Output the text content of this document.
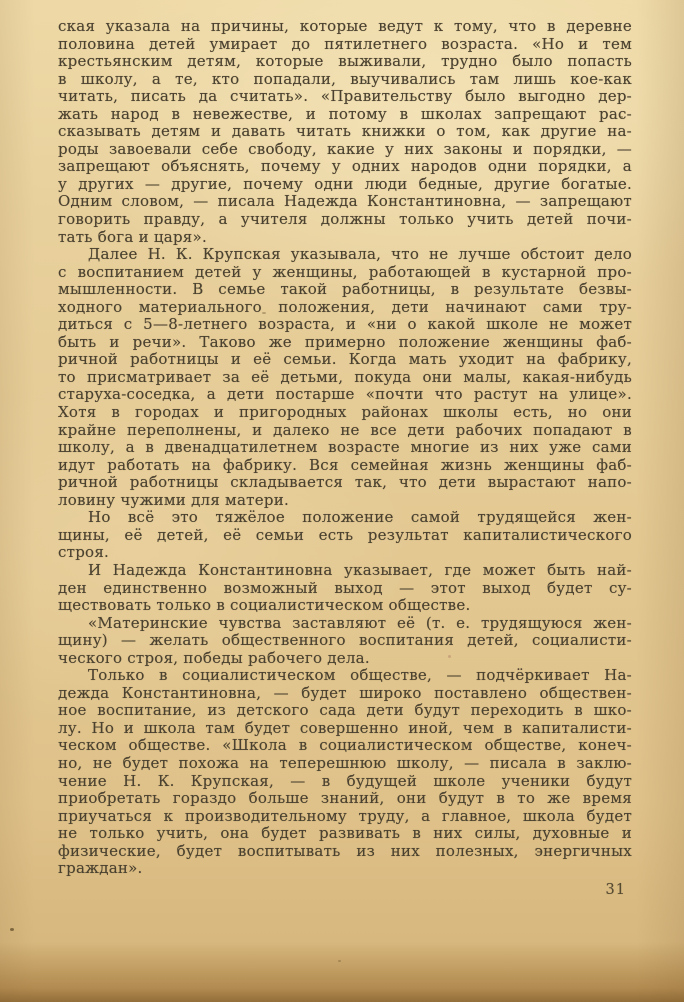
ская указала на причины, которые ведут к тому, что в деревне
половина детей умирает до пятилетнего возраста. «Но и тем
крестьянским детям, которые выживали, трудно было попасть
в школу, а те, кто попадали, выучивались там лишь кое-как
читать, писать да считать». «Правительству было выгодно дер-
жать народ в невежестве, и потому в школах запрещают рас-
сказывать детям и давать читать книжки о том, как другие на-
роды завоевали себе свободу, какие у них законы и порядки, —
запрещают объяснять, почему у одних народов одни порядки, а
у других — другие, почему одни люди бедные, другие богатые.
Одним словом, — писала Надежда Константиновна, — запрещают
говорить правду, а учителя должны только учить детей почи-
тать бога и царя».
Далее Н. К. Крупская указывала, что не лучше обстоит дело
с воспитанием детей у женщины, работающей в кустарной про-
мышленности. В семье такой работницы, в результате безвы-
ходного материального положения, дети начинают сами тру-
диться с 5—8-летнего возраста, и «ни о какой школе не может
быть и речи». Таково же примерно положение женщины фаб-
ричной работницы и её семьи. Когда мать уходит на фабрику,
то присматривает за её детьми, покуда они малы, какая-нибудь
старуха-соседка, а дети постарше «почти что растут на улице».
Хотя в городах и пригородных районах школы есть, но они
крайне переполнены, и далеко не все дети рабочих попадают в
школу, а в двенадцатилетнем возрасте многие из них уже сами
идут работать на фабрику. Вся семейная жизнь женщины фаб-
ричной работницы складывается так, что дети вырастают напо-
ловину чужими для матери.
Но всё это тяжёлое положение самой трудящейся жен-
щины, её детей, её семьи есть результат капиталистического
строя.
И Надежда Константиновна указывает, где может быть най-
ден единственно возможный выход — этот выход будет су-
ществовать только в социалистическом обществе.
«Материнские чувства заставляют её (т. е. трудящуюся жен-
щину) — желать общественного воспитания детей, социалисти-
ческого строя, победы рабочего дела.
Только в социалистическом обществе, — подчёркивает На-
дежда Константиновна, — будет широко поставлено обществен-
ное воспитание, из детского сада дети будут переходить в шко-
лу. Но и школа там будет совершенно иной, чем в капиталисти-
ческом обществе. «Школа в социалистическом обществе, конеч-
но, не будет похожа на теперешнюю школу, — писала в заклю-
чение Н. К. Крупская, — в будущей школе ученики будут
приобретать гораздо больше знаний, они будут в то же время
приучаться к производительному труду, а главное, школа будет
не только учить, она будет развивать в них силы, духовные и
физические, будет воспитывать из них полезных, энергичных
граждан».
31
